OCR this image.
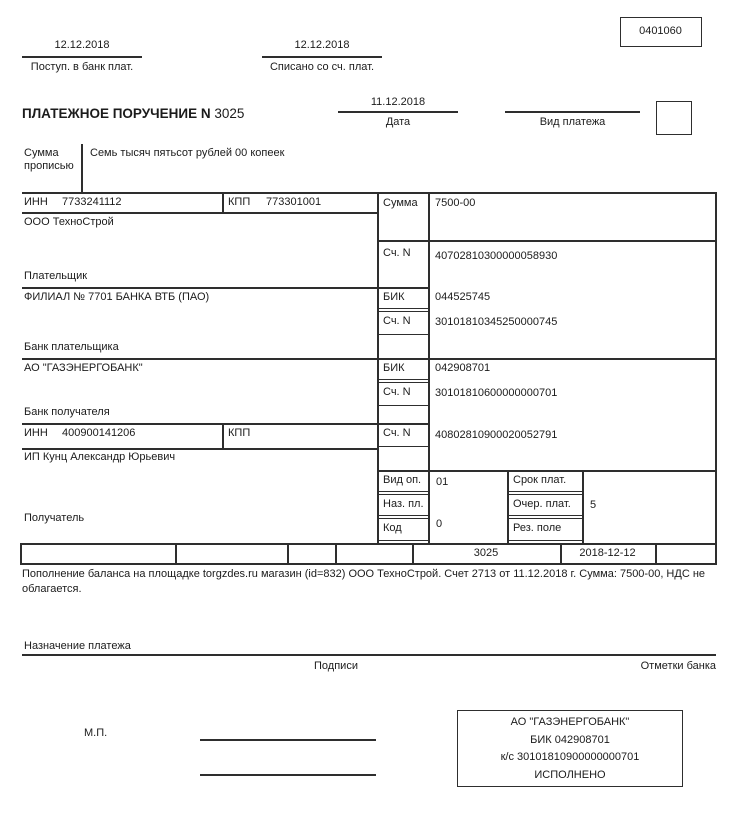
0401060
12.12.2018
Поступ. в банк плат.
12.12.2018
Списано со сч. плат.
ПЛАТЕЖНОЕ ПОРУЧЕНИЕ N 3025
11.12.2018
Дата	Вид платежа
Сумма
прописью
Семь тысяч пятьсот рублей 00 копеек
ИНН 7733241112	КПП 773301001
ООО ТехноСтрой
Плательщик
Сумма 7500-00
Сч. N 40702810300000058930
ФИЛИАЛ № 7701 БАНКА ВТБ (ПАО)
Банк плательщика
БИК	044525745
Сч. N	30101810345250000745
АО "ГАЗЭНЕРГОБАНК"
Банк получателя
БИК	042908701
Сч. N	30101810600000000701
ИНН 400900141206	КПП
ИП Кунц Александр Юрьевич
Получатель
Сч. N	40802810900020052791
Вид оп.	01
Наз. пл.
Код	0
Срок плат.
Очер. плат.	5
Рез. поле
3025	2018-12-12
Пополнение баланса на площадке torgzdes.ru магазин (id=832) ООО ТехноСтрой. Счет 2713 от 11.12.2018 г. Сумма: 7500-00, НДС не облагается.
Назначение платежа
Подписи	Отметки банка
М.П.
АО "ГАЗЭНЕРГОБАНК"
БИК 042908701
к/с 30101810900000000701
ИСПОЛНЕНО
